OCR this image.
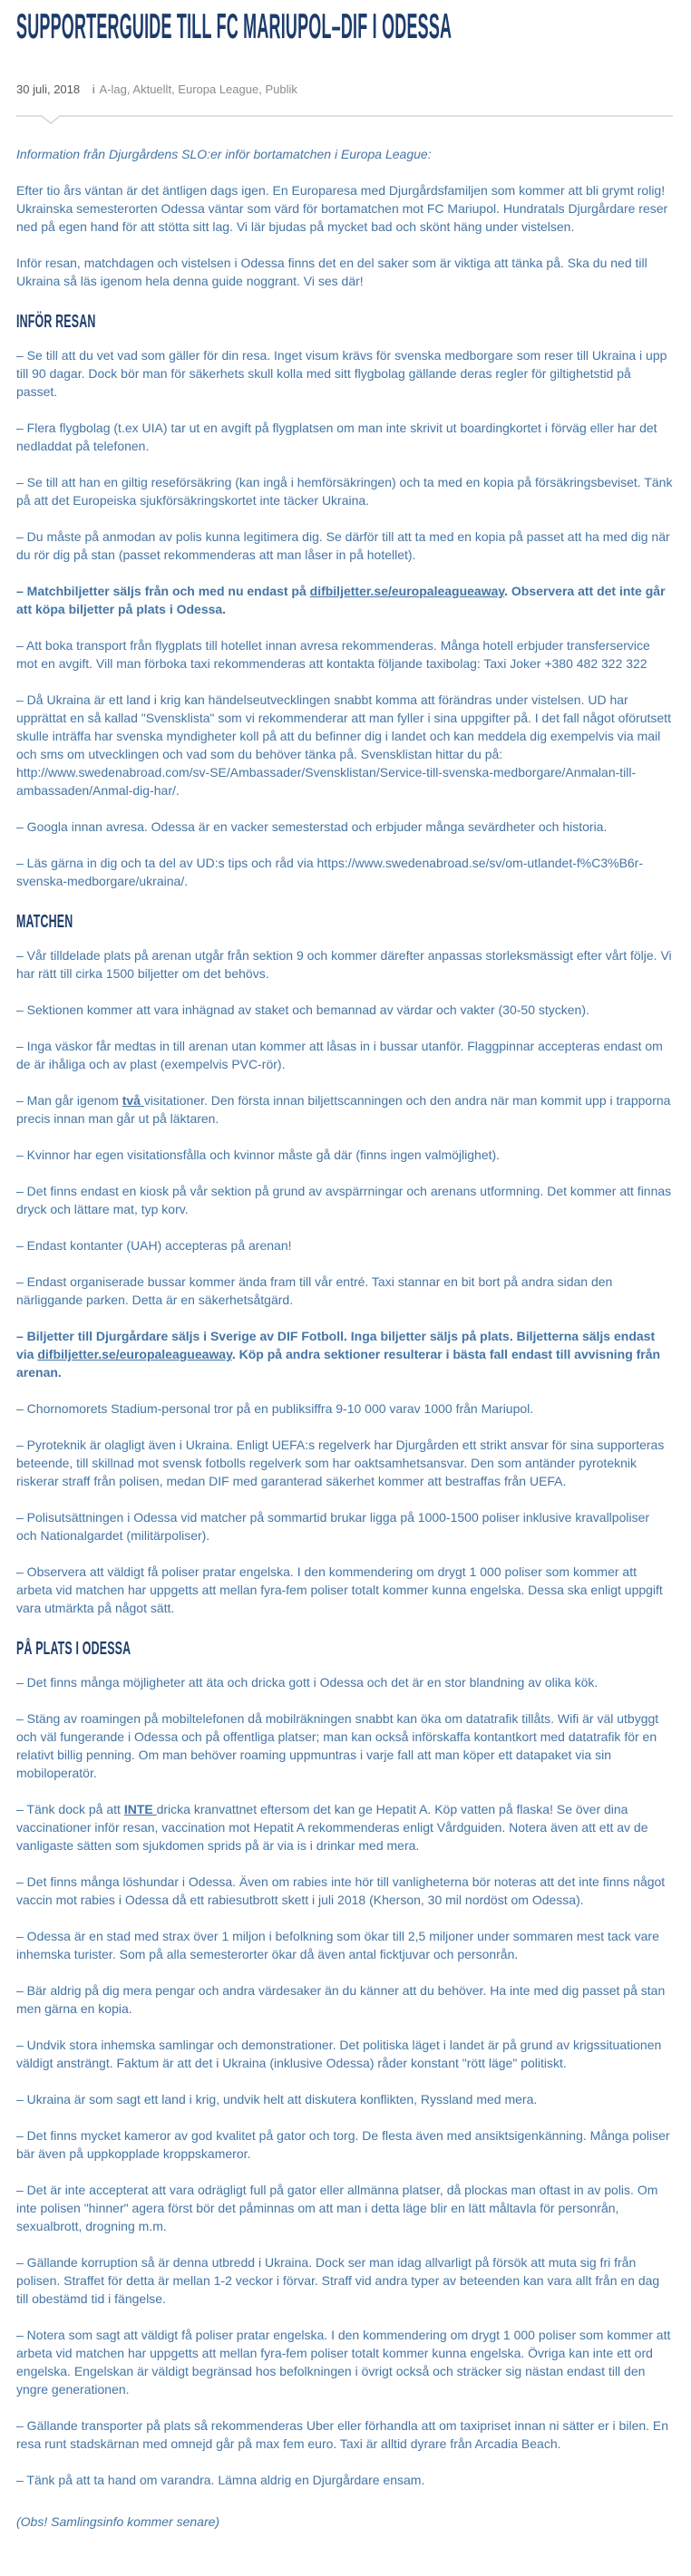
SUPPORTERGUIDE TILL FC MARIUPOL–DIF I ODESSA
30 juli, 2018 i A-lag , Aktuellt , Europa League , Publik

Information från Djurgårdens SLO:er inför bortamatchen i Europa League:

Efter tio års väntan är det äntligen dags igen. En Europaresa med Djurgårdsfamiljen som kommer att bli grymt rolig! Ukrainska semesterorten Odessa väntar som värd för bortamatchen mot FC Mariupol. Hundratals Djurgårdare reser ned på egen hand för att stötta sitt lag. Vi lär bjudas på mycket bad och skönt häng under vistelsen.

Inför resan, matchdagen och vistelsen i Odessa finns det en del saker som är viktiga att tänka på. Ska du ned till Ukraina så läs igenom hela denna guide noggrant. Vi ses där!

INFÖR RESAN

– Se till att du vet vad som gäller för din resa. Inget visum krävs för svenska medborgare som reser till Ukraina i upp till 90 dagar. Dock bör man för säkerhets skull kolla med sitt flygbolag gällande deras regler för giltighetstid på passet.

– Flera flygbolag (t.ex UIA) tar ut en avgift på flygplatsen om man inte skrivit ut boardingkortet i förväg eller har det nedladdat på telefonen.

– Se till att han en giltig reseförsäkring (kan ingå i hemförsäkringen) och ta med en kopia på försäkringsbeviset. Tänk på att det Europeiska sjukförsäkringskortet inte täcker Ukraina.

– Du måste på anmodan av polis kunna legitimera dig. Se därför till att ta med en kopia på passet att ha med dig när du rör dig på stan (passet rekommenderas att man låser in på hotellet).

– Matchbiljetter säljs från och med nu endast på difbiljetter.se/europaleagueaway. Observera att det inte går att köpa biljetter på plats i Odessa.

– Att boka transport från flygplats till hotellet innan avresa rekommenderas. Många hotell erbjuder transferservice mot en avgift. Vill man förboka taxi rekommenderas att kontakta följande taxibolag: Taxi Joker +380 482 322 322

– Då Ukraina är ett land i krig kan händelseutvecklingen snabbt komma att förändras under vistelsen. UD har upprättat en så kallad "Svensklista" som vi rekommenderar att man fyller i sina uppgifter på. I det fall något oförutsett skulle inträffa har svenska myndigheter koll på att du befinner dig i landet och kan meddela dig exempelvis via mail och sms om utvecklingen och vad som du behöver tänka på. Svensklistan hittar du på: http://www.swedenabroad.com/sv-SE/Ambassader/Svensklistan/Service-till-svenska-medborgare/Anmalan-till-ambassaden/Anmal-dig-har/.

– Googla innan avresa. Odessa är en vacker semesterstad och erbjuder många sevärdheter och historia.

– Läs gärna in dig och ta del av UD:s tips och råd via https://www.swedenabroad.se/sv/om-utlandet-f%C3%B6r-svenska-medborgare/ukraina/.

MATCHEN

– Vår tilldelade plats på arenan utgår från sektion 9 och kommer därefter anpassas storleksmässigt efter vårt följe. Vi har rätt till cirka 1500 biljetter om det behövs.

– Sektionen kommer att vara inhägnad av staket och bemannad av värdar och vakter (30-50 stycken).

– Inga väskor får medtas in till arenan utan kommer att låsas in i bussar utanför. Flaggpinnar accepteras endast om de är ihåliga och av plast (exempelvis PVC-rör).

– Man går igenom två visitationer. Den första innan biljettscanningen och den andra när man kommit upp i trapporna precis innan man går ut på läktaren.

– Kvinnor har egen visitationsfålla och kvinnor måste gå där (finns ingen valmöjlighet).

– Det finns endast en kiosk på vår sektion på grund av avspärrningar och arenans utformning. Det kommer att finnas dryck och lättare mat, typ korv.

– Endast kontanter (UAH) accepteras på arenan!

– Endast organiserade bussar kommer ända fram till vår entré. Taxi stannar en bit bort på andra sidan den närliggande parken. Detta är en säkerhetsåtgärd.

– Biljetter till Djurgårdare säljs i Sverige av DIF Fotboll. Inga biljetter säljs på plats. Biljetterna säljs endast via difbiljetter.se/europaleagueaway. Köp på andra sektioner resulterar i bästa fall endast till avvisning från arenan.

– Chornomorets Stadium-personal tror på en publiksiffra 9-10 000 varav 1000 från Mariupol.

– Pyroteknik är olagligt även i Ukraina. Enligt UEFA:s regelverk har Djurgården ett strikt ansvar för sina supporteras beteende, till skillnad mot svensk fotbolls regelverk som har oaktsamhetsansvar. Den som antänder pyroteknik riskerar straff från polisen, medan DIF med garanterad säkerhet kommer att bestraffas från UEFA.

– Polisutsättningen i Odessa vid matcher på sommartid brukar ligga på 1000-1500 poliser inklusive kravallpoliser och Nationalgardet (militärpoliser).

– Observera att väldigt få poliser pratar engelska. I den kommendering om drygt 1 000 poliser som kommer att arbeta vid matchen har uppgetts att mellan fyra-fem poliser totalt kommer kunna engelska. Dessa ska enligt uppgift vara utmärkta på något sätt.

PÅ PLATS I ODESSA

– Det finns många möjligheter att äta och dricka gott i Odessa och det är en stor blandning av olika kök.

– Stäng av roamingen på mobiltelefonen då mobilräkningen snabbt kan öka om datatrafik tillåts. Wifi är väl utbyggt och väl fungerande i Odessa och på offentliga platser; man kan också införskaffa kontantkort med datatrafik för en relativt billig penning. Om man behöver roaming uppmuntras i varje fall att man köper ett datapaket via sin mobiloperatör.

– Tänk dock på att INTE dricka kranvattnet eftersom det kan ge Hepatit A. Köp vatten på flaska! Se över dina vaccinationer inför resan, vaccination mot Hepatit A rekommenderas enligt Vårdguiden. Notera även att ett av de vanligaste sätten som sjukdomen sprids på är via is i drinkar med mera.

– Det finns många löshundar i Odessa. Även om rabies inte hör till vanligheterna bör noteras att det inte finns något vaccin mot rabies i Odessa då ett rabiesutbrott skett i juli 2018 (Kherson, 30 mil nordöst om Odessa).

– Odessa är en stad med strax över 1 miljon i befolkning som ökar till 2,5 miljoner under sommaren mest tack vare inhemska turister. Som på alla semesterorter ökar då även antal ficktjuvar och personrån.

– Bär aldrig på dig mera pengar och andra värdesaker än du känner att du behöver. Ha inte med dig passet på stan men gärna en kopia.

– Undvik stora inhemska samlingar och demonstrationer. Det politiska läget i landet är på grund av krigssituationen väldigt ansträngt. Faktum är att det i Ukraina (inklusive Odessa) råder konstant "rött läge" politiskt.

– Ukraina är som sagt ett land i krig, undvik helt att diskutera konflikten, Ryssland med mera.

– Det finns mycket kameror av god kvalitet på gator och torg. De flesta även med ansiktsigenkänning. Många poliser bär även på uppkopplade kroppskameror.

– Det är inte accepterat att vara odrägligt full på gator eller allmänna platser, då plockas man oftast in av polis. Om inte polisen "hinner" agera först bör det påminnas om att man i detta läge blir en lätt måltavla för personrån, sexualbrott, drogning m.m.

– Gällande korruption så är denna utbredd i Ukraina. Dock ser man idag allvarligt på försök att muta sig fri från polisen. Straffet för detta är mellan 1-2 veckor i förvar. Straff vid andra typer av beteenden kan vara allt från en dag till obestämd tid i fängelse.

– Notera som sagt att väldigt få poliser pratar engelska. I den kommendering om drygt 1 000 poliser som kommer att arbeta vid matchen har uppgetts att mellan fyra-fem poliser totalt kommer kunna engelska. Övriga kan inte ett ord engelska. Engelskan är väldigt begränsad hos befolkningen i övrigt också och sträcker sig nästan endast till den yngre generationen.

– Gällande transporter på plats så rekommenderas Uber eller förhandla att om taxipriset innan ni sätter er i bilen. En resa runt stadskärnan med omnejd går på max fem euro. Taxi är alltid dyrare från Arcadia Beach.

– Tänk på att ta hand om varandra. Lämna aldrig en Djurgårdare ensam.

(Obs! Samlingsinfo kommer senare)
